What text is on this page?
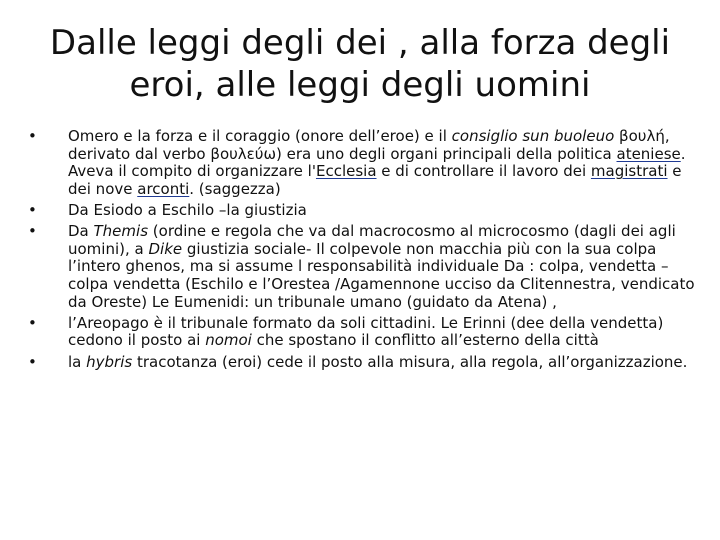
Dalle leggi degli dei , alla forza degli eroi, alle leggi degli uomini
• Omero e la forza e il coraggio (onore dell’eroe) e il consiglio sun buoleuo βουλή, derivato dal verbo βουλεύω) era uno degli organi principali della politica ateniese. Aveva il compito di organizzare l'Ecclesia e di controllare il lavoro dei magistrati e dei nove arconti. (saggezza)
• Da Esiodo a Eschilo –la giustizia
• Da Themis (ordine e regola che va dal macrocosmo al microcosmo (dagli dei agli uomini), a Dike giustizia sociale- Il colpevole non macchia più con la sua colpa l’intero ghenos, ma si assume l responsabilità individuale Da : colpa, vendetta –colpa vendetta (Eschilo e l’Orestea /Agamennone ucciso da Clitennestra, vendicato da Oreste) Le Eumenidi: un tribunale umano (guidato da Atena) ,
• l’Areopago è il tribunale formato da soli cittadini. Le Erinni (dee della vendetta) cedono il posto ai nomoi che spostano il conflitto all’esterno della città
• la hybris tracotanza (eroi) cede il posto alla misura, alla regola, all’organizzazione.
